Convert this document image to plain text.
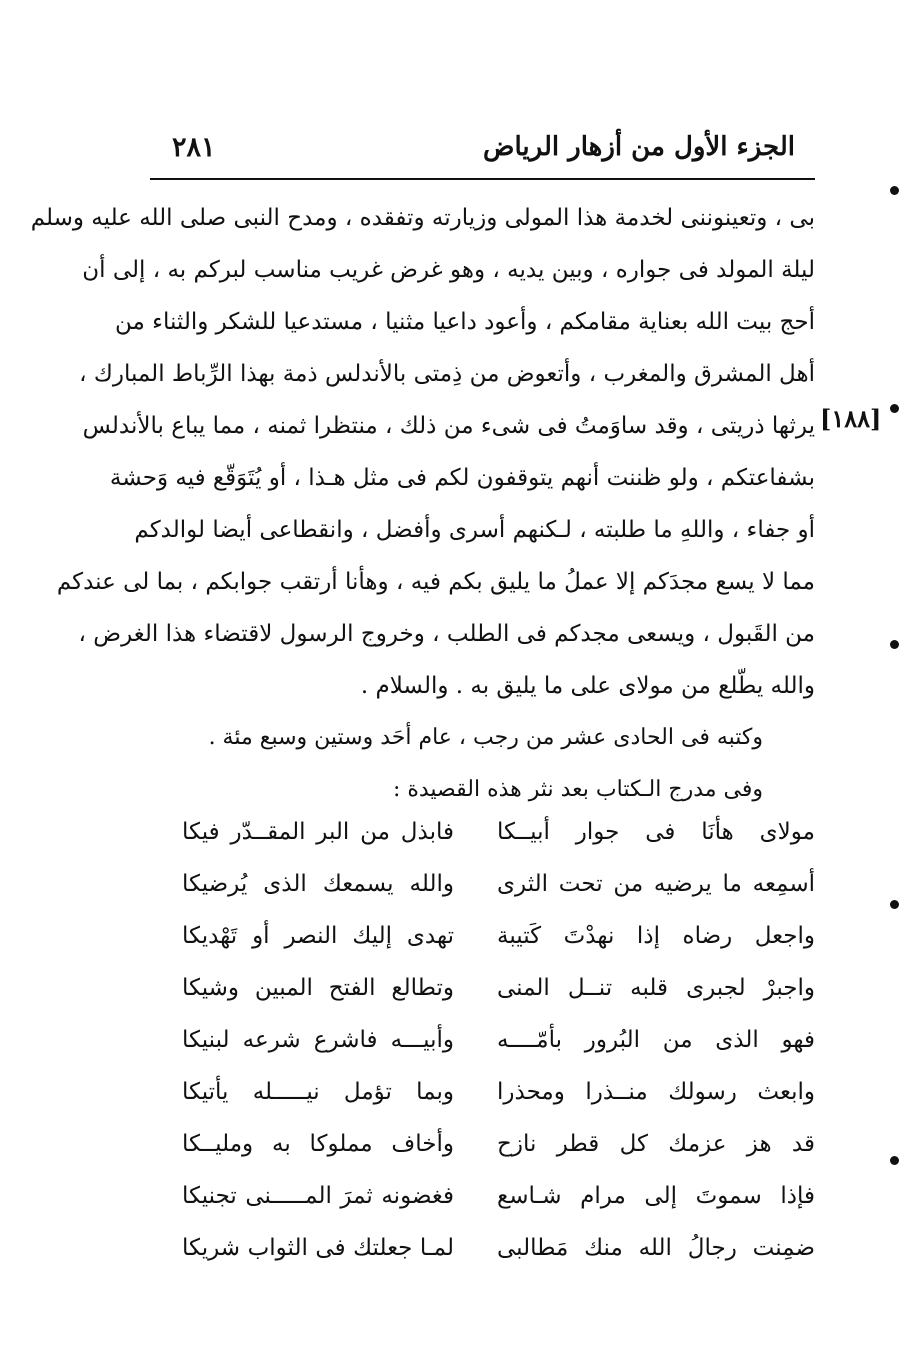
الجزء الأول من أزهار الرياض
٢٨١
[١٨٨]
بى ، وتعينوننى لخدمة هذا المولى وزيارته وتفقده ، ومدح النبى صلى الله عليه وسلم
ليلة المولد فى جواره ، وبين يديه ، وهو غرض غريب مناسب لبركم به ، إلى أن
أحج بيت الله بعناية مقامكم ، وأعود داعيا مثنيا ، مستدعيا للشكر والثناء من
أهل المشرق والمغرب ، وأتعوض من ذِمتى بالأندلس ذمة بهذا الرِّباط المبارك ،
يرثها ذريتى ، وقد ساوَمتُ فى شىء من ذلك ، منتظرا ثمنه ، مما يباع بالأندلس
بشفاعتكم ، ولو ظننت أنهم يتوقفون لكم فى مثل هـذا ، أو يُتَوَقّع فيه وَحشة
أو جفاء ، واللهِ ما طلبته ، لـكنهم أسرى وأفضل ، وانقطاعى أيضا لوالدكم
مما لا يسع مجدَكم إلا عملُ ما يليق بكم فيه ، وهأنا أرتقب جوابكم ، بما لى عندكم
من القَبول ، ويسعى مجدكم فى الطلب ، وخروج الرسول لاقتضاء هذا الغرض ،
والله يطّلع من مولاى على ما يليق به . والسلام .
وكتبه فى الحادى عشر من رجب ، عام أحَد وستين وسبع مئة .
وفى مدرج الـكتاب بعد نثر هذه القصيدة :
مولاى هأنَا فى جوار أبيــكا
فابذل من البر المقــدّر فيكا
أسمِعه ما يرضيه من تحت الثرى
والله يسمعك الذى يُرضيكا
واجعل رضاه إذا نهدْتَ كَتيبة
تهدى إليك النصر أو تَهْديكا
واجبرْ لجبرى قلبه تنــل المنى
وتطالع الفتح المبين وشيكا
فهو الذى من البُرور بأمّــــه
وأبيـــه فاشرع شرعه لبنيكا
وابعث رسولك منــذرا ومحذرا
وبما تؤمل نيـــــله يأتيكا
قد هز عزمك كل قطر نازح
وأخاف مملوكا به ومليــكا
فإذا سموتَ إلى مرام شـاسع
فغضونه ثمرَ المـــــنى تجنيكا
ضمِنت رجالُ الله منك مَطالبى
لمـا جعلتك فى الثواب شريكا
